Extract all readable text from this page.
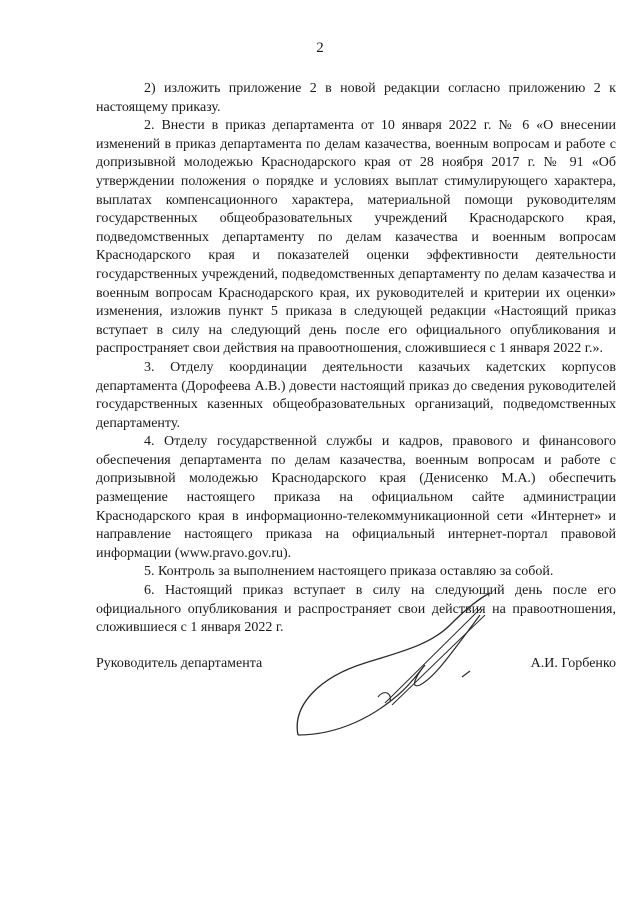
2

2) изложить приложение 2 в новой редакции согласно приложению 2 к настоящему приказу.

2. Внести в приказ департамента от 10 января 2022 г. № 6 «О внесении изменений в приказ департамента по делам казачества, военным вопросам и работе с допризывной молодежью Краснодарского края от 28 ноября 2017 г. № 91 «Об утверждении положения о порядке и условиях выплат стимулирующего характера, выплатах компенсационного характера, материальной помощи руководителям государственных общеобразовательных учреждений Краснодарского края, подведомственных департаменту по делам казачества и военным вопросам Краснодарского края и показателей оценки эффективности деятельности государственных учреждений, подведомственных департаменту по делам казачества и военным вопросам Краснодарского края, их руководителей и критерии их оценки» изменения, изложив пункт 5 приказа в следующей редакции «Настоящий приказ вступает в силу на следующий день после его официального опубликования и распространяет свои действия на правоотношения, сложившиеся с 1 января 2022 г.».

3. Отделу координации деятельности казачьих кадетских корпусов департамента (Дорофеева А.В.) довести настоящий приказ до сведения руководителей государственных казенных общеобразовательных организаций, подведомственных департаменту.

4. Отделу государственной службы и кадров, правового и финансового обеспечения департамента по делам казачества, военным вопросам и работе с допризывной молодежью Краснодарского края (Денисенко М.А.) обеспечить размещение настоящего приказа на официальном сайте администрации Краснодарского края в информационно-телекоммуникационной сети «Интернет» и направление настоящего приказа на официальный интернет-портал правовой информации (www.pravo.gov.ru).

5. Контроль за выполнением настоящего приказа оставляю за собой.

6. Настоящий приказ вступает в силу на следующий день после его официального опубликования и распространяет свои действия на правоотношения, сложившиеся с 1 января 2022 г.

Руководитель департамента	А.И. Горбенко
